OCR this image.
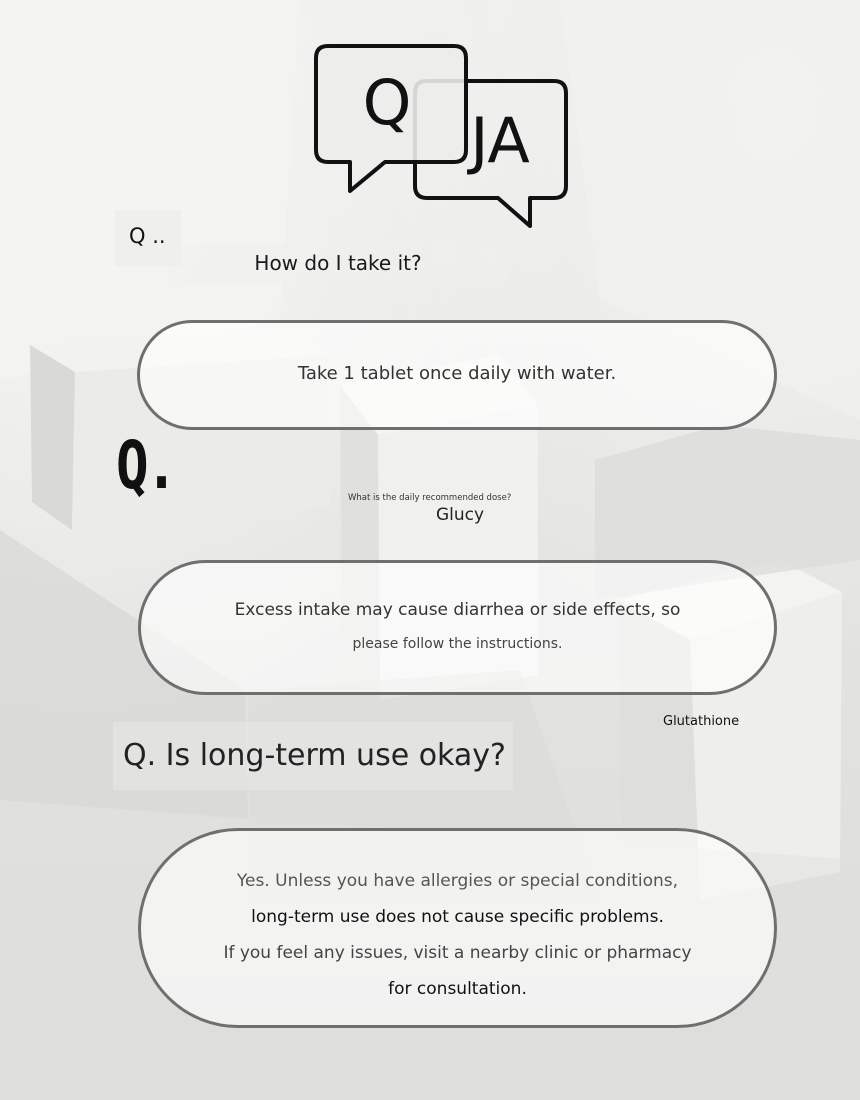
Q
JA
Q ..
How do I take it?
Take 1 tablet once daily with water.
Q.	What is the daily recommended dose?
Glucy
Excess intake may cause diarrhea or side effects, so
please follow the instructions.
Glutathione
Q. Is long-term use okay?
Yes. Unless you have allergies or special conditions,
long-term use does not cause specific problems.
If you feel any issues, visit a nearby clinic or pharmacy
for consultation.
